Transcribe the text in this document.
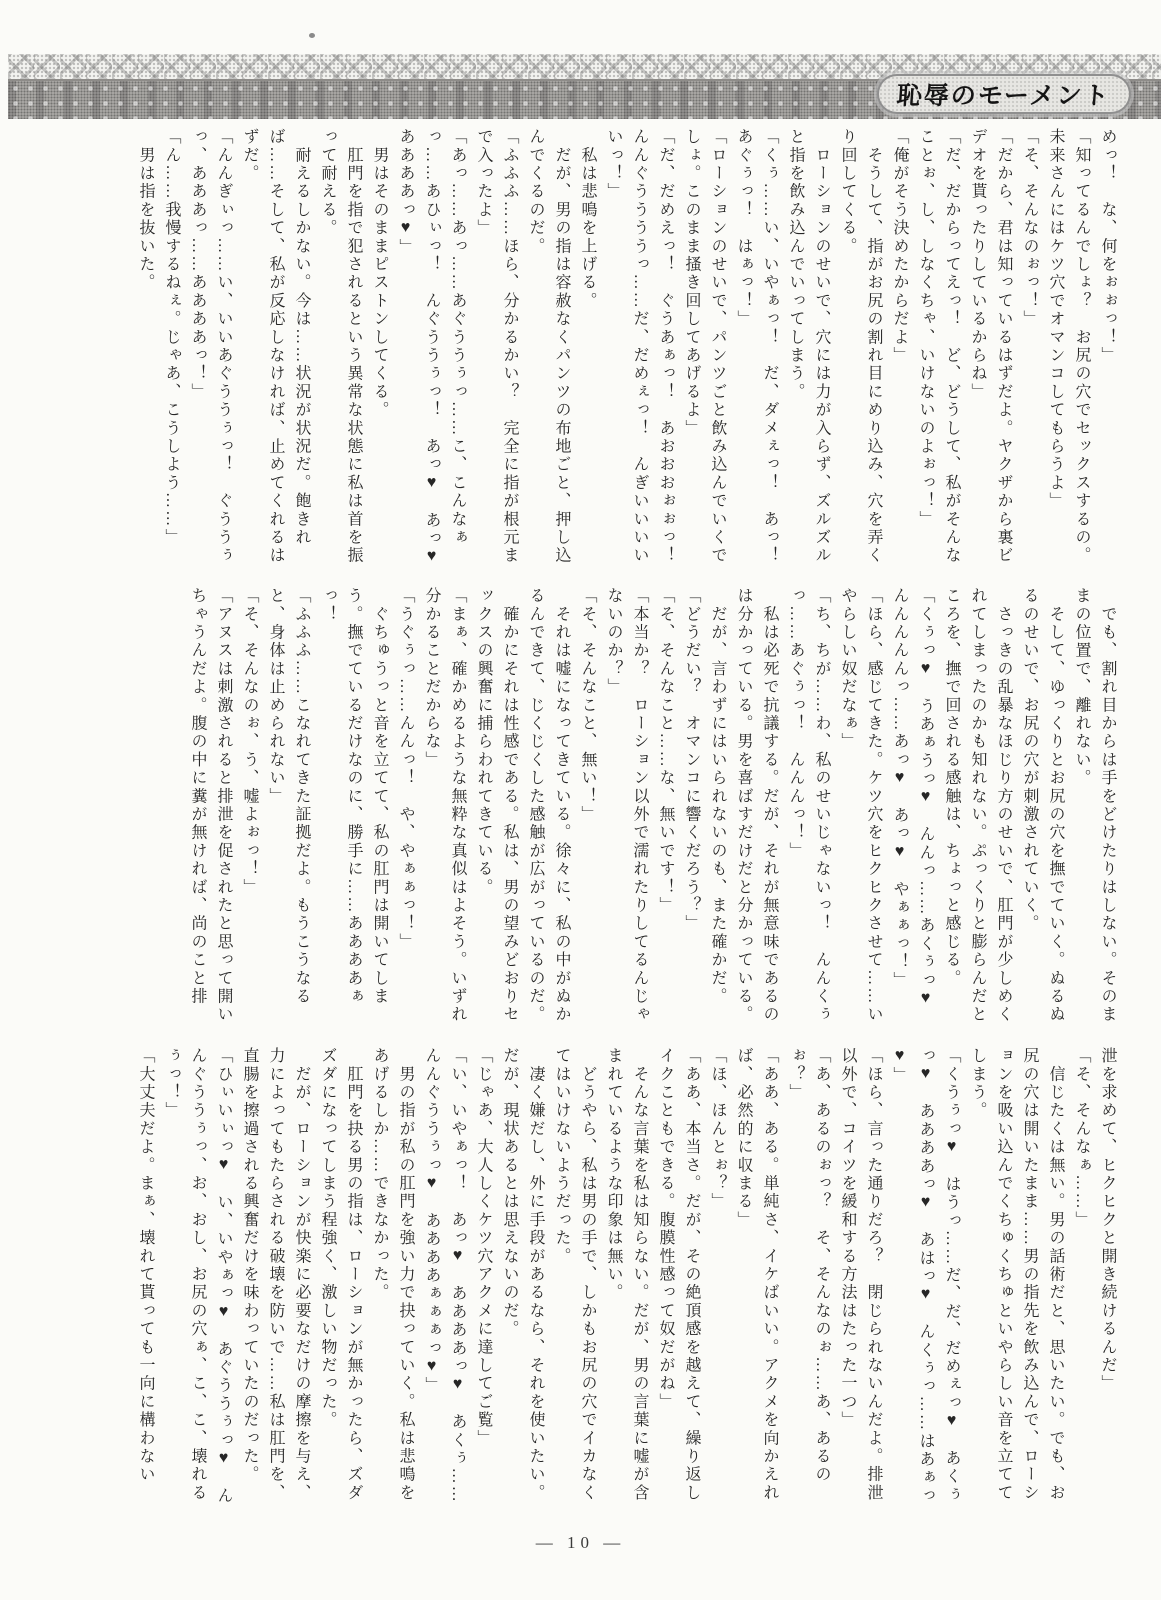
恥辱のモーメント

めっ！　な、何をぉぉっ！」

「知ってるんでしょ？　お尻の穴でセックスするの。未来さんにはケツ穴でオマンコしてもらうよ」

「そ、そんなのぉっ！」

「だから、君は知っているはずだよ。ヤクザから裏ビデオを貰ったりしているからね」

「だ、だからってえっ！　ど、どうして、私がそんなことぉ、し、しなくちゃ、いけないのよぉっ！」

「俺がそう決めたからだよ」

　そうして、指がお尻の割れ目にめり込み、穴を弄くり回してくる。

　ローションのせいで、穴には力が入らず、ズルズルと指を飲み込んでいってしまう。

「くぅ……い、いやぁっ！　だ、ダメぇっ！　あっ！あぐぅっ！　はぁっ！」

「ローションのせいで、パンツごと飲み込んでいくでしょ。このまま搔き回してあげるよ」

「だ、だめえっ！　ぐうあぁっ！　あおおおぉぉっ！　んんぐううううっ……だ、だめぇっ！　んぎいいいいいっ！」

　私は悲鳴を上げる。

　だが、男の指は容赦なくパンツの布地ごと、押し込んでくるのだ。

「ふふふ……ほら、分かるかい？　完全に指が根元まで入ったよ」

「あっ……あっ……あぐううぅっ……こ、こんなぁっ……あひぃっ！　んぐううぅっ！　あっ♥　あっ♥　ああああっ♥」

　男はそのままピストンしてくる。

　肛門を指で犯されるという異常な状態に私は首を振って耐える。

　耐えるしかない。今は……状況が状況だ。飽きれば……そして、私が反応しなければ、止めてくれるはずだ。

「んんぎぃっ……い、いいあぐううぅっ！　ぐううぅっ、あああっ……ああああっ！」

「ん……我慢するねぇ。じゃあ、こうしよう……」

　男は指を抜いた。

　でも、割れ目からは手をどけたりはしない。そのままの位置で、離れない。

　そして、ゆっくりとお尻の穴を撫でていく。ぬるぬるのせいで、お尻の穴が刺激されていく。

　さっきの乱暴なほじり方のせいで、肛門が少しめくれてしまったのかも知れない。ぷっくりと膨らんだところを、撫で回される感触は、ちょっと感じる。

「くぅっ♥　うあぁうっ♥　んんっ……あくぅっ♥　んんんんんっ……あっ♥　あっ♥　やぁぁっ！」

「ほら、感じてきた。ケツ穴をヒクヒクさせて……いやらしい奴だなぁ」

「ち、ちが……わ、私のせいじゃないっ！　んんくぅっ……あぐぅっ！　んんんっ！」

　私は必死で抗議する。だが、それが無意味であるのは分かっている。男を喜ばすだけだと分かっている。

　だが、言わずにはいられないのも、また確かだ。

「どうだい？　オマンコに響くだろう？」

「そ、そんなこと……な、無いです！」

「本当か？　ローション以外で濡れたりしてるんじゃないのか？」

「そ、そんなこと、無い！」

　それは嘘になってきている。徐々に、私の中がぬかるんできて、じくじくした感触が広がっているのだ。

　確かにそれは性感である。私は、男の望みどおりセックスの興奮に捕らわれてきている。

「まぁ、確かめるような無粋な真似はよそう。いずれ分かることだからな」

「うぐぅっ……んんっ！　や、やぁぁっ！」

　ぐちゅうっと音を立てて、私の肛門は開いてしまう。撫でているだけなのに、勝手に……ああああぁっ！

「ふふふ……こなれてきた証拠だよ。もうこうなると、身体は止められない」

「そ、そんなのぉ、う、嘘よぉっ！」

「アヌスは刺激されると排泄を促されたと思って開いちゃうんだよ。腹の中に糞が無ければ、尚のこと排

泄を求めて、ヒクヒクと開き続けるんだ」

「そ、そんなぁ……」

　信じたくは無い。男の話術だと、思いたい。でも、お尻の穴は開いたまま……男の指先を飲み込んで、ローションを吸い込んでくちゅくちゅといやらしい音を立ててしまう。

「くうぅっ♥　はうっ……だ、だ、だめぇっ♥　あくぅっ♥　ああああっ♥　あはっ♥　んくぅっ……はあぁっ♥」

「ほら、言った通りだろ？　閉じられないんだよ。排泄以外で、コイツを緩和する方法はたった一つ」

「あ、あるのぉっ？　そ、そんなのぉ……あ、あるのぉ？」

「ああ、ある。単純さ、イケばいい。アクメを向かえれば、必然的に収まる」

「ほ、ほんとぉ？」

「ああ、本当さ。だが、その絶頂感を越えて、繰り返しイクこともできる。腹膜性感って奴だがね」

　そんな言葉を私は知らない。だが、男の言葉に嘘が含まれているような印象は無い。

　どうやら、私は男の手で、しかもお尻の穴でイカなくてはいけないようだった。

　凄く嫌だし、外に手段があるなら、それを使いたい。だが、現状あるとは思えないのだ。

「じゃあ、大人しくケツ穴アクメに達してご覧」

「い、いやぁっ！　あっ♥　ああああっ♥　あくぅ……んんぐううぅっ♥　ああああぁぁぁっ♥」

　男の指が私の肛門を強い力で抉っていく。私は悲鳴をあげるしか……できなかった。

　肛門を抉る男の指は、ローションが無かったら、ズダズダになってしまう程強く、激しい物だった。

　だが、ローションが快楽に必要なだけの摩擦を与え、力によってもたらされる破壊を防いで……私は肛門を、直腸を擦過される興奮だけを味わっていたのだった。

「ひぃいぃっ♥　い、いやぁっ♥　あぐううぅっ♥　んんぐううぅっ、お、おし、お尻の穴ぁ、こ、こ、壊れるぅっ！」

「大丈夫だよ。まぁ、壊れて貰っても一向に構わない

― 10 ―
